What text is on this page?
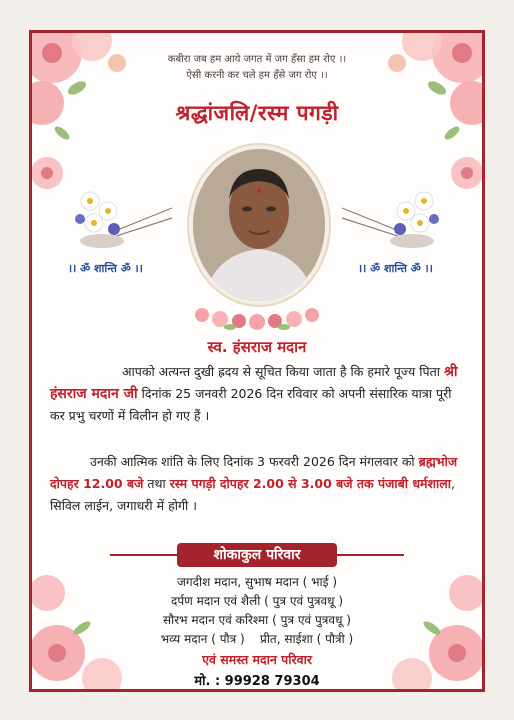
कबीरा जब हम आये जगत में जग हँसा हम रोए ।।
ऐसी करनी कर चले हम हँसे जग रोए ।।
श्रद्धांजलि/रस्म पगड़ी
।। ॐ शान्ति ॐ ।।	।। ॐ शान्ति ॐ ।।
स्व. हंसराज मदान
आपको अत्यन्त दुखी ह्रदय से सूचित किया जाता है कि हमारे पूज्य पिता श्री हंसराज मदान जी दिनांक 25 जनवरी 2026 दिन रविवार को अपनी संसारिक यात्रा पूरी कर प्रभु चरणों में विलीन हो गए हैं ।
उनकी आत्मिक शांति के लिए दिनांक 3 फरवरी 2026 दिन मंगलवार को ब्रह्मभोज दोपहर 12.00 बजे तथा रस्म पगड़ी दोपहर 2.00 से 3.00 बजे तक पंजाबी धर्मशाला, सिविल लाईन, जगाधरी में होगी ।
शोकाकुल परिवार
जगदीश मदान, सुभाष मदान ( भाई )
दर्पण मदान एवं शैली ( पुत्र एवं पुत्रवधू )
सौरभ मदान एवं करिश्मा ( पुत्र एवं पुत्रवधू )
भव्य मदान ( पौत्र )    प्रीत, साईशा ( पौत्री )
एवं समस्त मदान परिवार
मो. : 99928 79304
